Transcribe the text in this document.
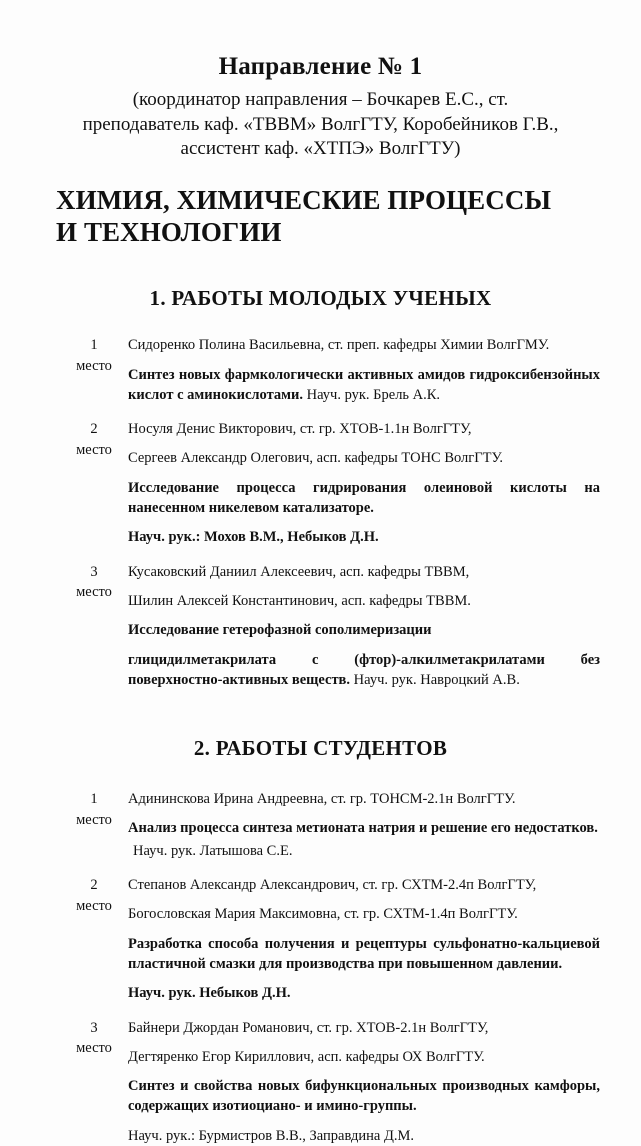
Направление № 1
(координатор направления – Бочкарев Е.С., ст.
преподаватель каф. «ТВВМ» ВолгГТУ, Коробейников Г.В.,
ассистент каф. «ХТПЭ» ВолгГТУ)
ХИМИЯ, ХИМИЧЕСКИЕ ПРОЦЕССЫ
И ТЕХНОЛОГИИ
1. РАБОТЫ МОЛОДЫХ УЧЕНЫХ
1
место
Сидоренко Полина Васильевна, ст. преп. кафедры Химии ВолгГМУ.
Синтез новых фармкологически активных амидов гидроксибензойных кислот с аминокислотами. Науч. рук. Брель А.К.
2
место
Носуля Денис Викторович, ст. гр. ХТОВ-1.1н ВолгГТУ,
Сергеев Александр Олегович, асп. кафедры ТОНС ВолгГТУ.
Исследование процесса гидрирования олеиновой кислоты на нанесенном никелевом катализаторе.
Науч. рук.: Мохов В.М., Небыков Д.Н.
3
место
Кусаковский Даниил Алексеевич, асп. кафедры ТВВМ,
Шилин Алексей Константинович, асп. кафедры ТВВМ.
Исследование гетерофазной сополимеризации
глицидилметакрилата с (фтор)-алкилметакрилатами без поверхностно-активных веществ. Науч. рук. Навроцкий А.В.
2. РАБОТЫ СТУДЕНТОВ
1
место
Адининскова Ирина Андреевна, ст. гр. ТОНСМ-2.1н ВолгГТУ.
Анализ процесса синтеза метионата натрия и решение его недостатков.
Науч. рук. Латышова С.Е.
2
место
Степанов Александр Александрович, ст. гр. СХТМ-2.4п ВолгГТУ,
Богословская Мария Максимовна, ст. гр. СХТМ-1.4п ВолгГТУ.
Разработка способа получения и рецептуры сульфонатно-кальциевой пластичной смазки для производства при повышенном давлении.
Науч. рук. Небыков Д.Н.
3
место
Байнери Джордан Романович, ст. гр. ХТОВ-2.1н ВолгГТУ,
Дегтяренко Егор Кириллович, асп. кафедры ОХ ВолгГТУ.
Синтез и свойства новых бифункциональных производных камфоры, содержащих изотиоциано- и имино-группы.
Науч. рук.: Бурмистров В.В., Заправдина Д.М.
